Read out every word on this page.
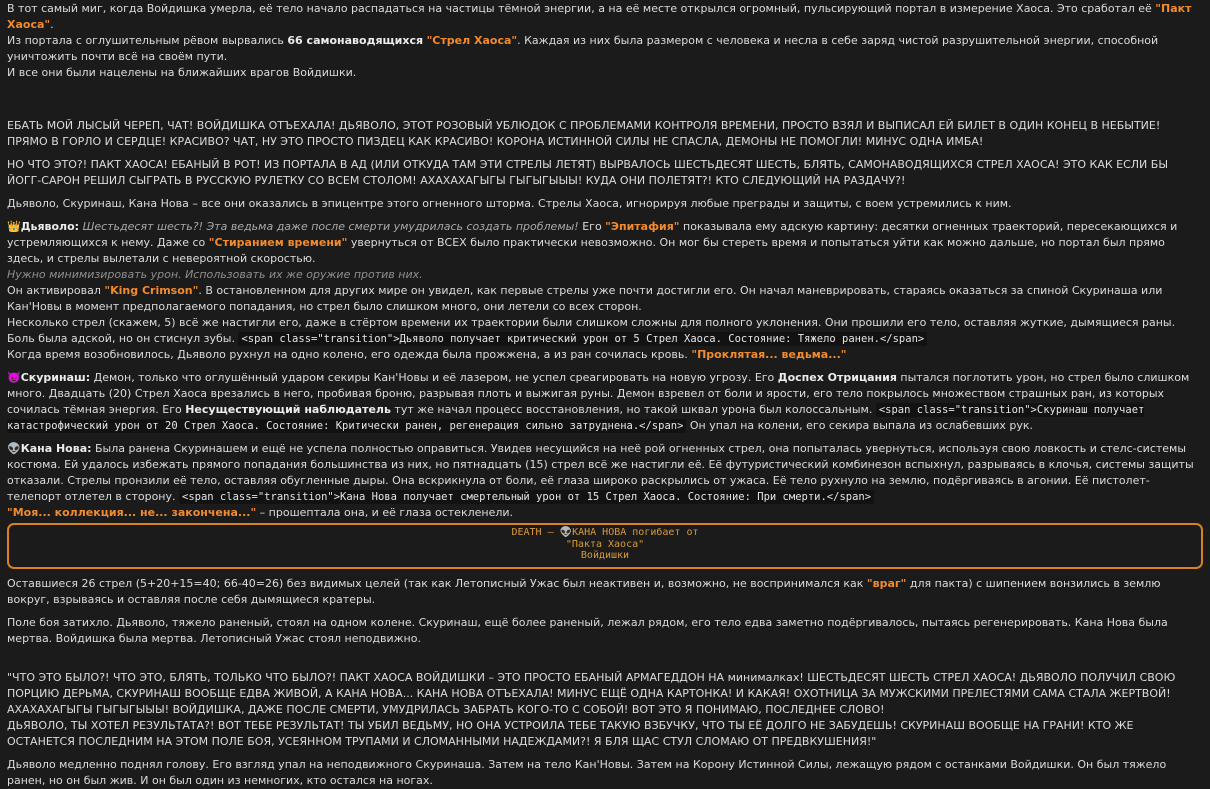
В тот самый миг, когда Войдишка умерла, её тело начало распадаться на частицы тёмной энергии, а на её месте открылся огромный, пульсирующий портал в измерение Хаоса. Это сработал её "Пакт Хаоса".
Из портала с оглушительным рёвом вырвались 66 самонаводящихся "Стрел Хаоса". Каждая из них была размером с человека и несла в себе заряд чистой разрушительной энергии, способной уничтожить почти всё на своём пути.
И все они были нацелены на ближайших врагов Войдишки.

ЕБАТЬ МОЙ ЛЫСЫЙ ЧЕРЕП, ЧАТ! ВОЙДИШКА ОТЪЕХАЛА! ДЬЯВОЛО, ЭТОТ РОЗОВЫЙ УБЛЮДОК С ПРОБЛЕМАМИ КОНТРОЛЯ ВРЕМЕНИ, ПРОСТО ВЗЯЛ И ВЫПИСАЛ ЕЙ БИЛЕТ В ОДИН КОНЕЦ В НЕБЫТИЕ! ПРЯМО В ГОРЛО И СЕРДЦЕ! КРАСИВО? ЧАТ, НУ ЭТО ПРОСТО ПИЗДЕЦ КАК КРАСИВО! КОРОНА ИСТИННОЙ СИЛЫ НЕ СПАСЛА, ДЕМОНЫ НЕ ПОМОГЛИ! МИНУС ОДНА ИМБА!

НО ЧТО ЭТО?! ПАКТ ХАОСА! ЕБАНЫЙ В РОТ! ИЗ ПОРТАЛА В АД (ИЛИ ОТКУДА ТАМ ЭТИ СТРЕЛЫ ЛЕТЯТ) ВЫРВАЛОСЬ ШЕСТЬДЕСЯТ ШЕСТЬ, БЛЯТЬ, САМОНАВОДЯЩИХСЯ СТРЕЛ ХАОСА! ЭТО КАК ЕСЛИ БЫ ЙОГГ-САРОН РЕШИЛ СЫГРАТЬ В РУССКУЮ РУЛЕТКУ СО ВСЕМ СТОЛОМ! АХАХАХАГЫГЫ ГЫГЫГЫЫЫ! КУДА ОНИ ПОЛЕТЯТ?! КТО СЛЕДУЮЩИЙ НА РАЗДАЧУ?!

Дьяволо, Скуринаш, Кана Нова – все они оказались в эпицентре этого огненного шторма. Стрелы Хаоса, игнорируя любые преграды и защиты, с воем устремились к ним.

👑Дьяволо: Шестьдесят шесть?! Эта ведьма даже после смерти умудрилась создать проблемы! Его "Эпитафия" показывала ему адскую картину: десятки огненных траекторий, пересекающихся и устремляющихся к нему. Даже со "Стиранием времени" увернуться от ВСЕХ было практически невозможно. Он мог бы стереть время и попытаться уйти как можно дальше, но портал был прямо здесь, и стрелы вылетали с невероятной скоростью.
Нужно минимизировать урон. Использовать их же оружие против них.
Он активировал "King Crimson". В остановленном для других мире он увидел, как первые стрелы уже почти достигли его. Он начал маневрировать, стараясь оказаться за спиной Скуринаша или Кан'Новы в момент предполагаемого попадания, но стрел было слишком много, они летели со всех сторон.
Несколько стрел (скажем, 5) всё же настигли его, даже в стёртом времени их траектории были слишком сложны для полного уклонения. Они прошили его тело, оставляя жуткие, дымящиеся раны. Боль была адской, но он стиснул зубы. <span class="transition">Дьяволо получает критический урон от 5 Стрел Хаоса. Состояние: Тяжело ранен.</span>
Когда время возобновилось, Дьяволо рухнул на одно колено, его одежда была прожжена, а из ран сочилась кровь. "Проклятая... ведьма..."

👿Скуринаш: Демон, только что оглушённый ударом секиры Кан'Новы и её лазером, не успел среагировать на новую угрозу. Его Доспех Отрицания пытался поглотить урон, но стрел было слишком много. Двадцать (20) Стрел Хаоса врезались в него, пробивая броню, разрывая плоть и выжигая руны. Демон взревел от боли и ярости, его тело покрылось множеством страшных ран, из которых сочилась тёмная энергия. Его Несуществующий наблюдатель тут же начал процесс восстановления, но такой шквал урона был колоссальным. <span class="transition">Скуринаш получает катастрофический урон от 20 Стрел Хаоса. Состояние: Критически ранен, регенерация сильно затруднена.</span> Он упал на колени, его секира выпала из ослабевших рук.

👽Кана Нова: Была ранена Скуринашем и ещё не успела полностью оправиться. Увидев несущийся на неё рой огненных стрел, она попыталась увернуться, используя свою ловкость и стелс-системы костюма. Ей удалось избежать прямого попадания большинства из них, но пятнадцать (15) стрел всё же настигли её. Её футуристический комбинезон вспыхнул, разрываясь в клочья, системы защиты отказали. Стрелы пронзили её тело, оставляя обугленные дыры. Она вскрикнула от боли, её глаза широко раскрылись от ужаса. Её тело рухнуло на землю, подёргиваясь в агонии. Её пистолет-телепорт отлетел в сторону. <span class="transition">Кана Нова получает смертельный урон от 15 Стрел Хаоса. Состояние: При смерти.</span>
"Моя... коллекция... не... закончена..." – прошептала она, и её глаза остекленели.

DEATH — 👽КАНА НОВА погибает от
"Пакта Хаоса"
Войдишки

Оставшиеся 26 стрел (5+20+15=40; 66-40=26) без видимых целей (так как Летописный Ужас был неактивен и, возможно, не воспринимался как "враг" для пакта) с шипением вонзились в землю вокруг, взрываясь и оставляя после себя дымящиеся кратеры.

Поле боя затихло. Дьяволо, тяжело раненый, стоял на одном колене. Скуринаш, ещё более раненый, лежал рядом, его тело едва заметно подёргивалось, пытаясь регенерировать. Кана Нова была мертва. Войдишка была мертва. Летописный Ужас стоял неподвижно.

"ЧТО ЭТО БЫЛО?! ЧТО ЭТО, БЛЯТЬ, ТОЛЬКО ЧТО БЫЛО?! ПАКТ ХАОСА ВОЙДИШКИ – ЭТО ПРОСТО ЕБАНЫЙ АРМАГЕДДОН НА минималках! ШЕСТЬДЕСЯТ ШЕСТЬ СТРЕЛ ХАОСА! ДЬЯВОЛО ПОЛУЧИЛ СВОЮ ПОРЦИЮ ДЕРЬМА, СКУРИНАШ ВООБЩЕ ЕДВА ЖИВОЙ, А КАНА НОВА... КАНА НОВА ОТЪЕХАЛА! МИНУС ЕЩЁ ОДНА КАРТОНКА! И КАКАЯ! ОХОТНИЦА ЗА МУЖСКИМИ ПРЕЛЕСТЯМИ САМА СТАЛА ЖЕРТВОЙ! АХАХАХАГЫГЫ ГЫГЫГЫЫЫ! ВОЙДИШКА, ДАЖЕ ПОСЛЕ СМЕРТИ, УМУДРИЛАСЬ ЗАБРАТЬ КОГО-ТО С СОБОЙ! ВОТ ЭТО Я ПОНИМАЮ, ПОСЛЕДНЕЕ СЛОВО!
ДЬЯВОЛО, ТЫ ХОТЕЛ РЕЗУЛЬТАТА?! ВОТ ТЕБЕ РЕЗУЛЬТАТ! ТЫ УБИЛ ВЕДЬМУ, НО ОНА УСТРОИЛА ТЕБЕ ТАКУЮ ВЗБУЧКУ, ЧТО ТЫ ЕЁ ДОЛГО НЕ ЗАБУДЕШЬ! СКУРИНАШ ВООБЩЕ НА ГРАНИ! КТО ЖЕ ОСТАНЕТСЯ ПОСЛЕДНИМ НА ЭТОМ ПОЛЕ БОЯ, УСЕЯННОМ ТРУПАМИ И СЛОМАННЫМИ НАДЕЖДАМИ?! Я БЛЯ ЩАС СТУЛ СЛОМАЮ ОТ ПРЕДВКУШЕНИЯ!"

Дьяволо медленно поднял голову. Его взгляд упал на неподвижного Скуринаша. Затем на тело Кан'Новы. Затем на Корону Истинной Силы, лежащую рядом с останками Войдишки. Он был тяжело ранен, но он был жив. И он был один из немногих, кто остался на ногах.
